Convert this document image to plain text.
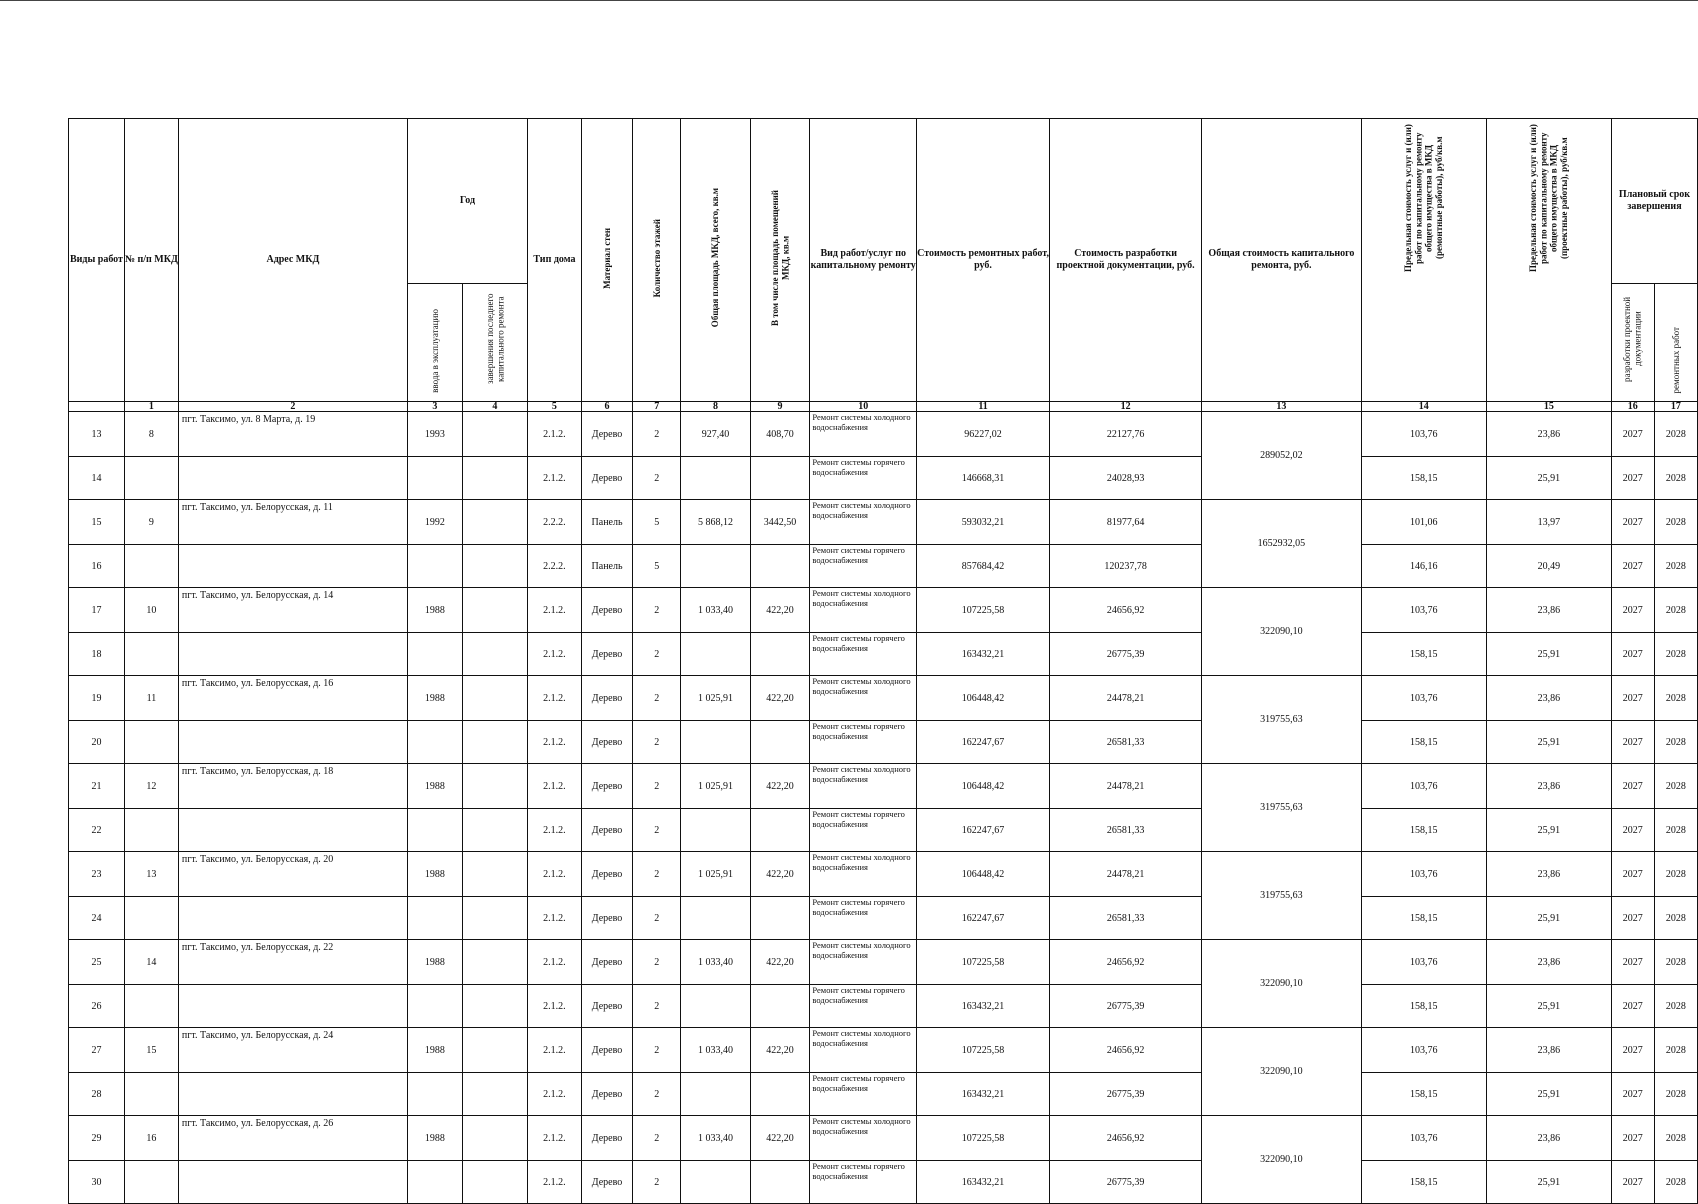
Виды работ	№ п/п МКД	Адрес МКД	Год		Тип дома	Материал стен	Количество этажей	Общая площадь МКД, всего, кв.м	В том числе площадь помещений МКД, кв.м	Вид работ/услуг по капитальному ремонту	Стоимость ремонтных работ, руб.	Стоимость разработки проектной документации, руб.	Общая стоимость капитального ремонта, руб.	Предельная стоимость услуг и (или) работ по капитальному ремонту общего имущества в МКД (ремонтные работы), руб/кв.м	Предельная стоимость услуг и (или) работ по капитальному ремонту общего имущества в МКД (проектные работы), руб/кв.м	Плановый срок завершения	
			ввода в эксплуатацию	завершения последнего капитального ремонта												разработки проектной документации	ремонтных работ
	1	2	3	4	5	6	7	8	9	10	11	12	13	14	15	16	17
13	8	пгт. Таксимо, ул. 8 Марта, д. 19	1993		2.1.2.	Дерево	2	927,40	408,70	Ремонт системы холодного водоснабжения	96227,02	22127,76	289052,02	103,76	23,86	2027	2028
14					2.1.2.	Дерево	2			Ремонт системы горячего водоснабжения	146668,31	24028,93		158,15	25,91	2027	2028
15	9	пгт. Таксимо, ул. Белорусская, д. 11	1992		2.2.2.	Панель	5	5 868,12	3442,50	Ремонт системы холодного водоснабжения	593032,21	81977,64	1652932,05	101,06	13,97	2027	2028
16					2.2.2.	Панель	5			Ремонт системы горячего водоснабжения	857684,42	120237,78		146,16	20,49	2027	2028
17	10	пгт. Таксимо, ул. Белорусская, д. 14	1988		2.1.2.	Дерево	2	1 033,40	422,20	Ремонт системы холодного водоснабжения	107225,58	24656,92	322090,10	103,76	23,86	2027	2028
18					2.1.2.	Дерево	2			Ремонт системы горячего водоснабжения	163432,21	26775,39		158,15	25,91	2027	2028
19	11	пгт. Таксимо, ул. Белорусская, д. 16	1988		2.1.2.	Дерево	2	1 025,91	422,20	Ремонт системы холодного водоснабжения	106448,42	24478,21	319755,63	103,76	23,86	2027	2028
20					2.1.2.	Дерево	2			Ремонт системы горячего водоснабжения	162247,67	26581,33		158,15	25,91	2027	2028
21	12	пгт. Таксимо, ул. Белорусская, д. 18	1988		2.1.2.	Дерево	2	1 025,91	422,20	Ремонт системы холодного водоснабжения	106448,42	24478,21	319755,63	103,76	23,86	2027	2028
22					2.1.2.	Дерево	2			Ремонт системы горячего водоснабжения	162247,67	26581,33		158,15	25,91	2027	2028
23	13	пгт. Таксимо, ул. Белорусская, д. 20	1988		2.1.2.	Дерево	2	1 025,91	422,20	Ремонт системы холодного водоснабжения	106448,42	24478,21	319755,63	103,76	23,86	2027	2028
24					2.1.2.	Дерево	2			Ремонт системы горячего водоснабжения	162247,67	26581,33		158,15	25,91	2027	2028
25	14	пгт. Таксимо, ул. Белорусская, д. 22	1988		2.1.2.	Дерево	2	1 033,40	422,20	Ремонт системы холодного водоснабжения	107225,58	24656,92	322090,10	103,76	23,86	2027	2028
26					2.1.2.	Дерево	2			Ремонт системы горячего водоснабжения	163432,21	26775,39		158,15	25,91	2027	2028
27	15	пгт. Таксимо, ул. Белорусская, д. 24	1988		2.1.2.	Дерево	2	1 033,40	422,20	Ремонт системы холодного водоснабжения	107225,58	24656,92	322090,10	103,76	23,86	2027	2028
28					2.1.2.	Дерево	2			Ремонт системы горячего водоснабжения	163432,21	26775,39		158,15	25,91	2027	2028
29	16	пгт. Таксимо, ул. Белорусская, д. 26	1988		2.1.2.	Дерево	2	1 033,40	422,20	Ремонт системы холодного водоснабжения	107225,58	24656,92	322090,10	103,76	23,86	2027	2028
30					2.1.2.	Дерево	2			Ремонт системы горячего водоснабжения	163432,21	26775,39		158,15	25,91	2027	2028
